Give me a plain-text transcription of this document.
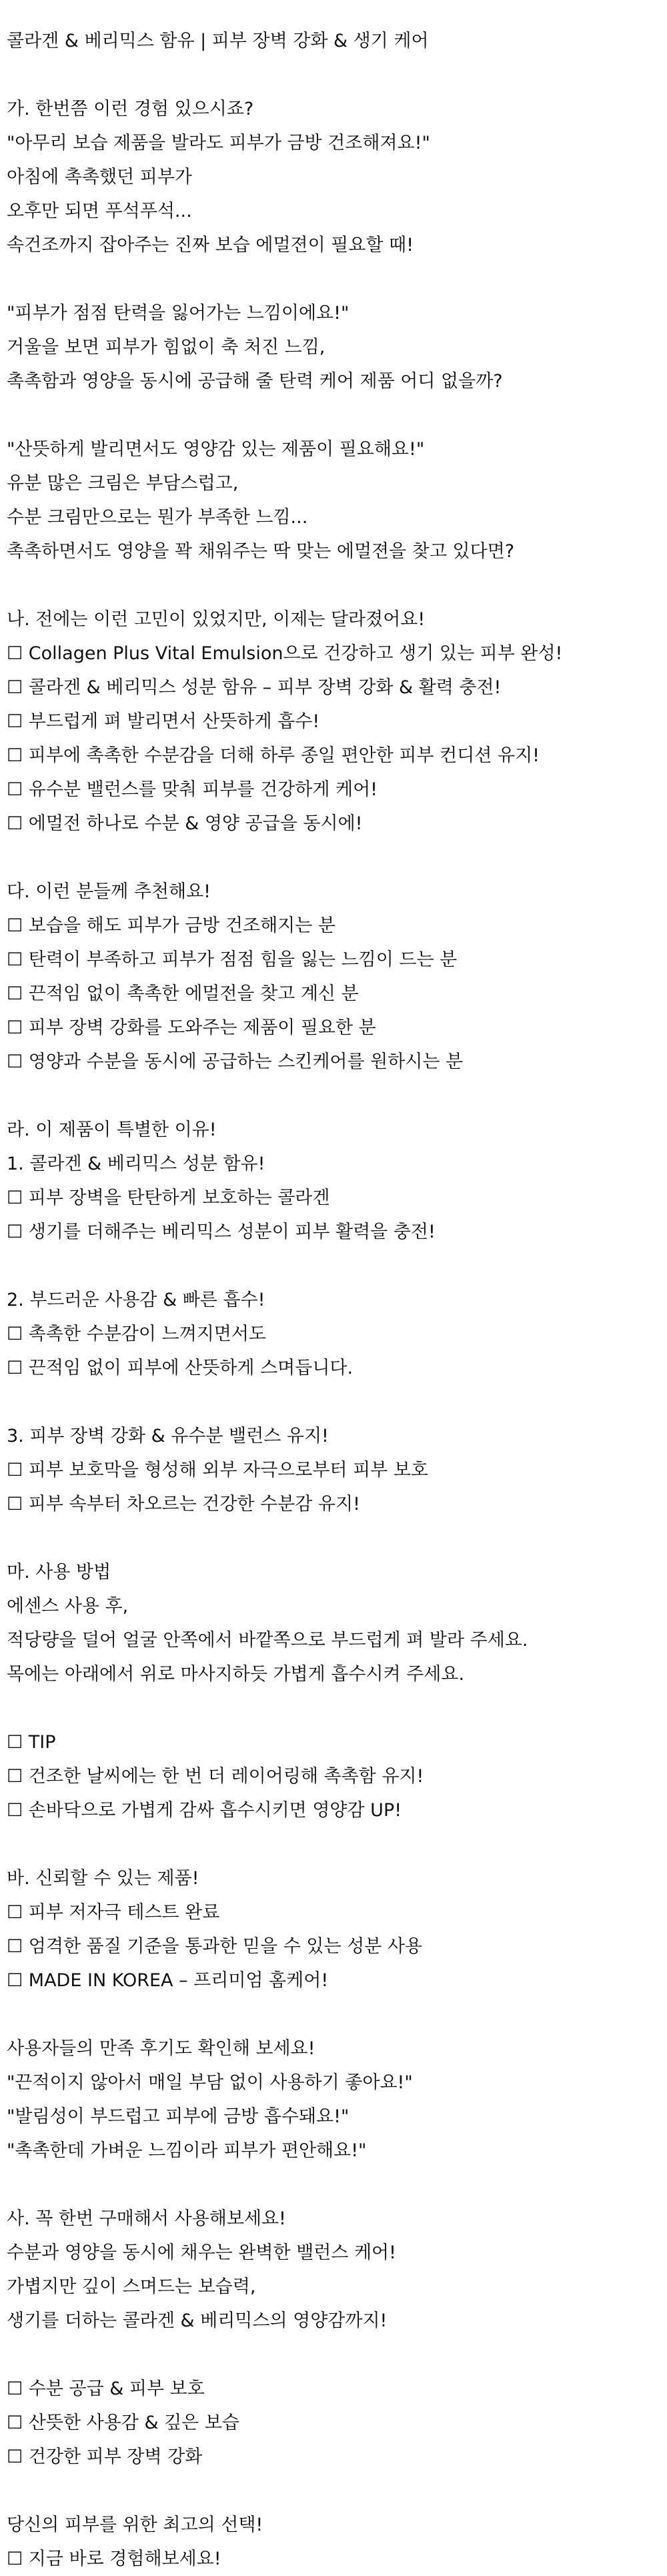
콜라겐 & 베리믹스 함유 | 피부 장벽 강화 & 생기 케어
가. 한번쯤 이런 경험 있으시죠?
"아무리 보습 제품을 발라도 피부가 금방 건조해져요!"
아침에 촉촉했던 피부가
오후만 되면 푸석푸석...
속건조까지 잡아주는 진짜 보습 에멀젼이 필요할 때!
"피부가 점점 탄력을 잃어가는 느낌이에요!"
거울을 보면 피부가 힘없이 축 처진 느낌,
촉촉함과 영양을 동시에 공급해 줄 탄력 케어 제품 어디 없을까?
"산뜻하게 발리면서도 영양감 있는 제품이 필요해요!"
유분 많은 크림은 부담스럽고,
수분 크림만으로는 뭔가 부족한 느낌...
촉촉하면서도 영양을 꽉 채워주는 딱 맞는 에멀젼을 찾고 있다면?
나. 전에는 이런 고민이 있었지만, 이제는 달라졌어요!
☐ Collagen Plus Vital Emulsion으로 건강하고 생기 있는 피부 완성!
☐ 콜라겐 & 베리믹스 성분 함유 – 피부 장벽 강화 & 활력 충전!
☐ 부드럽게 펴 발리면서 산뜻하게 흡수!
☐ 피부에 촉촉한 수분감을 더해 하루 종일 편안한 피부 컨디션 유지!
☐ 유수분 밸런스를 맞춰 피부를 건강하게 케어!
☐ 에멀전 하나로 수분 & 영양 공급을 동시에!
다. 이런 분들께 추천해요!
☐ 보습을 해도 피부가 금방 건조해지는 분
☐ 탄력이 부족하고 피부가 점점 힘을 잃는 느낌이 드는 분
☐ 끈적임 없이 촉촉한 에멀전을 찾고 계신 분
☐ 피부 장벽 강화를 도와주는 제품이 필요한 분
☐ 영양과 수분을 동시에 공급하는 스킨케어를 원하시는 분
라. 이 제품이 특별한 이유!
1. 콜라겐 & 베리믹스 성분 함유!
☐ 피부 장벽을 탄탄하게 보호하는 콜라겐
☐ 생기를 더해주는 베리믹스 성분이 피부 활력을 충전!
2. 부드러운 사용감 & 빠른 흡수!
☐ 촉촉한 수분감이 느껴지면서도
☐ 끈적임 없이 피부에 산뜻하게 스며듭니다.
3. 피부 장벽 강화 & 유수분 밸런스 유지!
☐ 피부 보호막을 형성해 외부 자극으로부터 피부 보호
☐ 피부 속부터 차오르는 건강한 수분감 유지!
마. 사용 방법
에센스 사용 후,
적당량을 덜어 얼굴 안쪽에서 바깥쪽으로 부드럽게 펴 발라 주세요.
목에는 아래에서 위로 마사지하듯 가볍게 흡수시켜 주세요.
☐ TIP
☐ 건조한 날씨에는 한 번 더 레이어링해 촉촉함 유지!
☐ 손바닥으로 가볍게 감싸 흡수시키면 영양감 UP!
바. 신뢰할 수 있는 제품!
☐ 피부 저자극 테스트 완료
☐ 엄격한 품질 기준을 통과한 믿을 수 있는 성분 사용
☐ MADE IN KOREA – 프리미엄 홈케어!
사용자들의 만족 후기도 확인해 보세요!
"끈적이지 않아서 매일 부담 없이 사용하기 좋아요!"
"발림성이 부드럽고 피부에 금방 흡수돼요!"
"촉촉한데 가벼운 느낌이라 피부가 편안해요!"
사. 꼭 한번 구매해서 사용해보세요!
수분과 영양을 동시에 채우는 완벽한 밸런스 케어!
가볍지만 깊이 스며드는 보습력,
생기를 더하는 콜라겐 & 베리믹스의 영양감까지!
☐ 수분 공급 & 피부 보호
☐ 산뜻한 사용감 & 깊은 보습
☐ 건강한 피부 장벽 강화
당신의 피부를 위한 최고의 선택!
☐ 지금 바로 경험해보세요!
